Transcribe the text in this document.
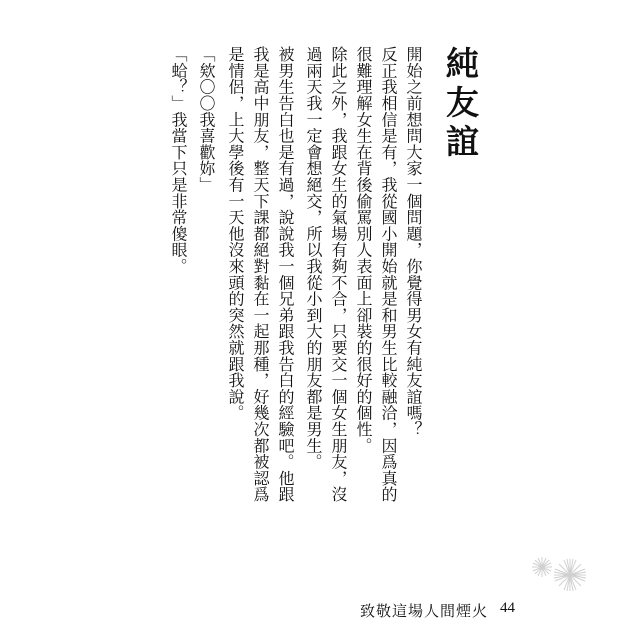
純友誼
開始之前想問大家一個問題，你覺得男女有純友誼嗎？
反正我相信是有，我從國小開始就是和男生比較融洽，因爲真的
很難理解女生在背後偷罵別人表面上卻裝的很好的個性。
除此之外，我跟女生的氣場有夠不合，只要交一個女生朋友，沒
過兩天我一定會想絕交，所以我從小到大的朋友都是男生。
被男生告白也是有過，說說我一個兄弟跟我告白的經驗吧。他跟
我是高中朋友，整天下課都絕對黏在一起那種，好幾次都被認爲
是情侶，上大學後有一天他沒來頭的突然就跟我說。
「欸〇〇我喜歡妳」
「蛤？」我當下只是非常傻眼。
致敬這場人間煙火 44
